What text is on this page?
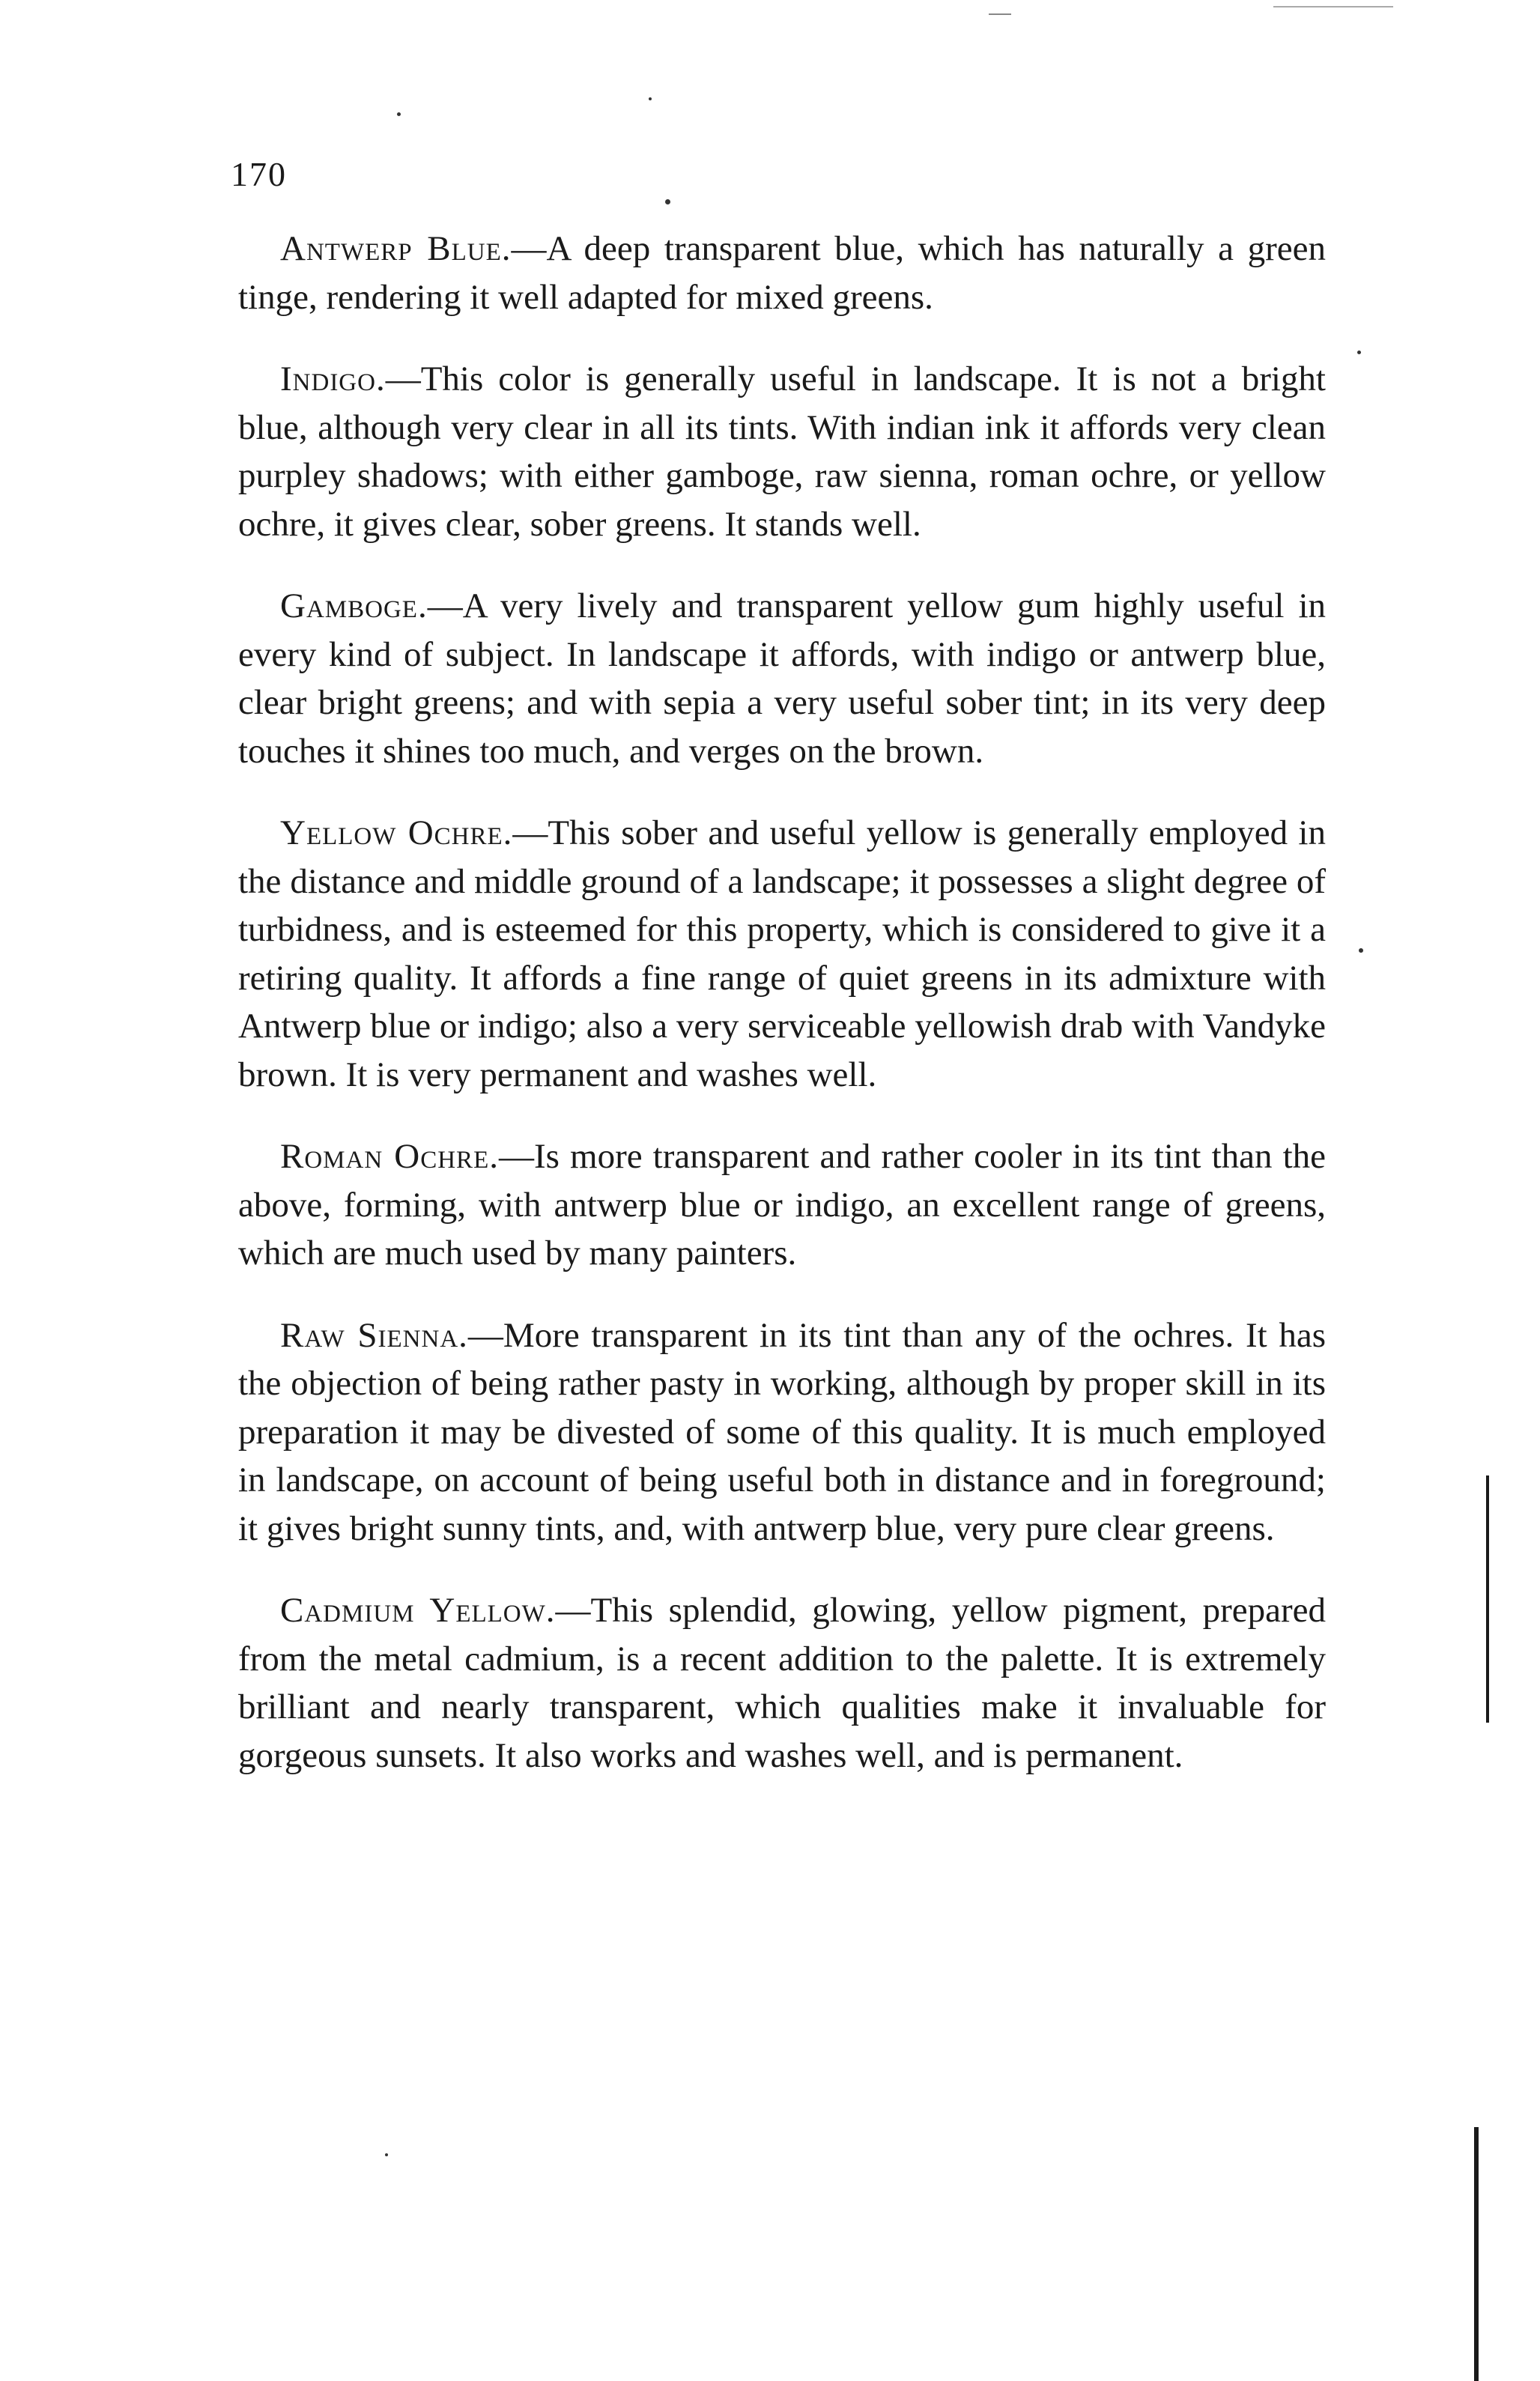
170

Antwerp Blue.—A deep transparent blue, which has naturally a green tinge, rendering it well adapted for mixed greens.

Indigo.—This color is generally useful in landscape. It is not a bright blue, although very clear in all its tints. With indian ink it affords very clean purpley shadows; with either gamboge, raw sienna, roman ochre, or yellow ochre, it gives clear, sober greens. It stands well.

Gamboge.—A very lively and transparent yellow gum highly useful in every kind of subject. In landscape it affords, with indigo or antwerp blue, clear bright greens; and with sepia a very useful sober tint; in its very deep touches it shines too much, and verges on the brown.

Yellow Ochre.—This sober and useful yellow is generally employed in the distance and middle ground of a landscape; it possesses a slight degree of turbidness, and is esteemed for this property, which is considered to give it a retiring quality. It affords a fine range of quiet greens in its admixture with Antwerp blue or indigo; also a very serviceable yellowish drab with Vandyke brown. It is very permanent and washes well.

Roman Ochre.—Is more transparent and rather cooler in its tint than the above, forming, with antwerp blue or indigo, an excellent range of greens, which are much used by many painters.

Raw Sienna.—More transparent in its tint than any of the ochres. It has the objection of being rather pasty in working, although by proper skill in its preparation it may be divested of some of this quality. It is much employed in landscape, on account of being useful both in distance and in foreground; it gives bright sunny tints, and, with antwerp blue, very pure clear greens.

Cadmium Yellow.—This splendid, glowing, yellow pigment, prepared from the metal cadmium, is a recent addition to the palette. It is extremely brilliant and nearly transparent, which qualities make it invaluable for gorgeous sunsets. It also works and washes well, and is permanent.
